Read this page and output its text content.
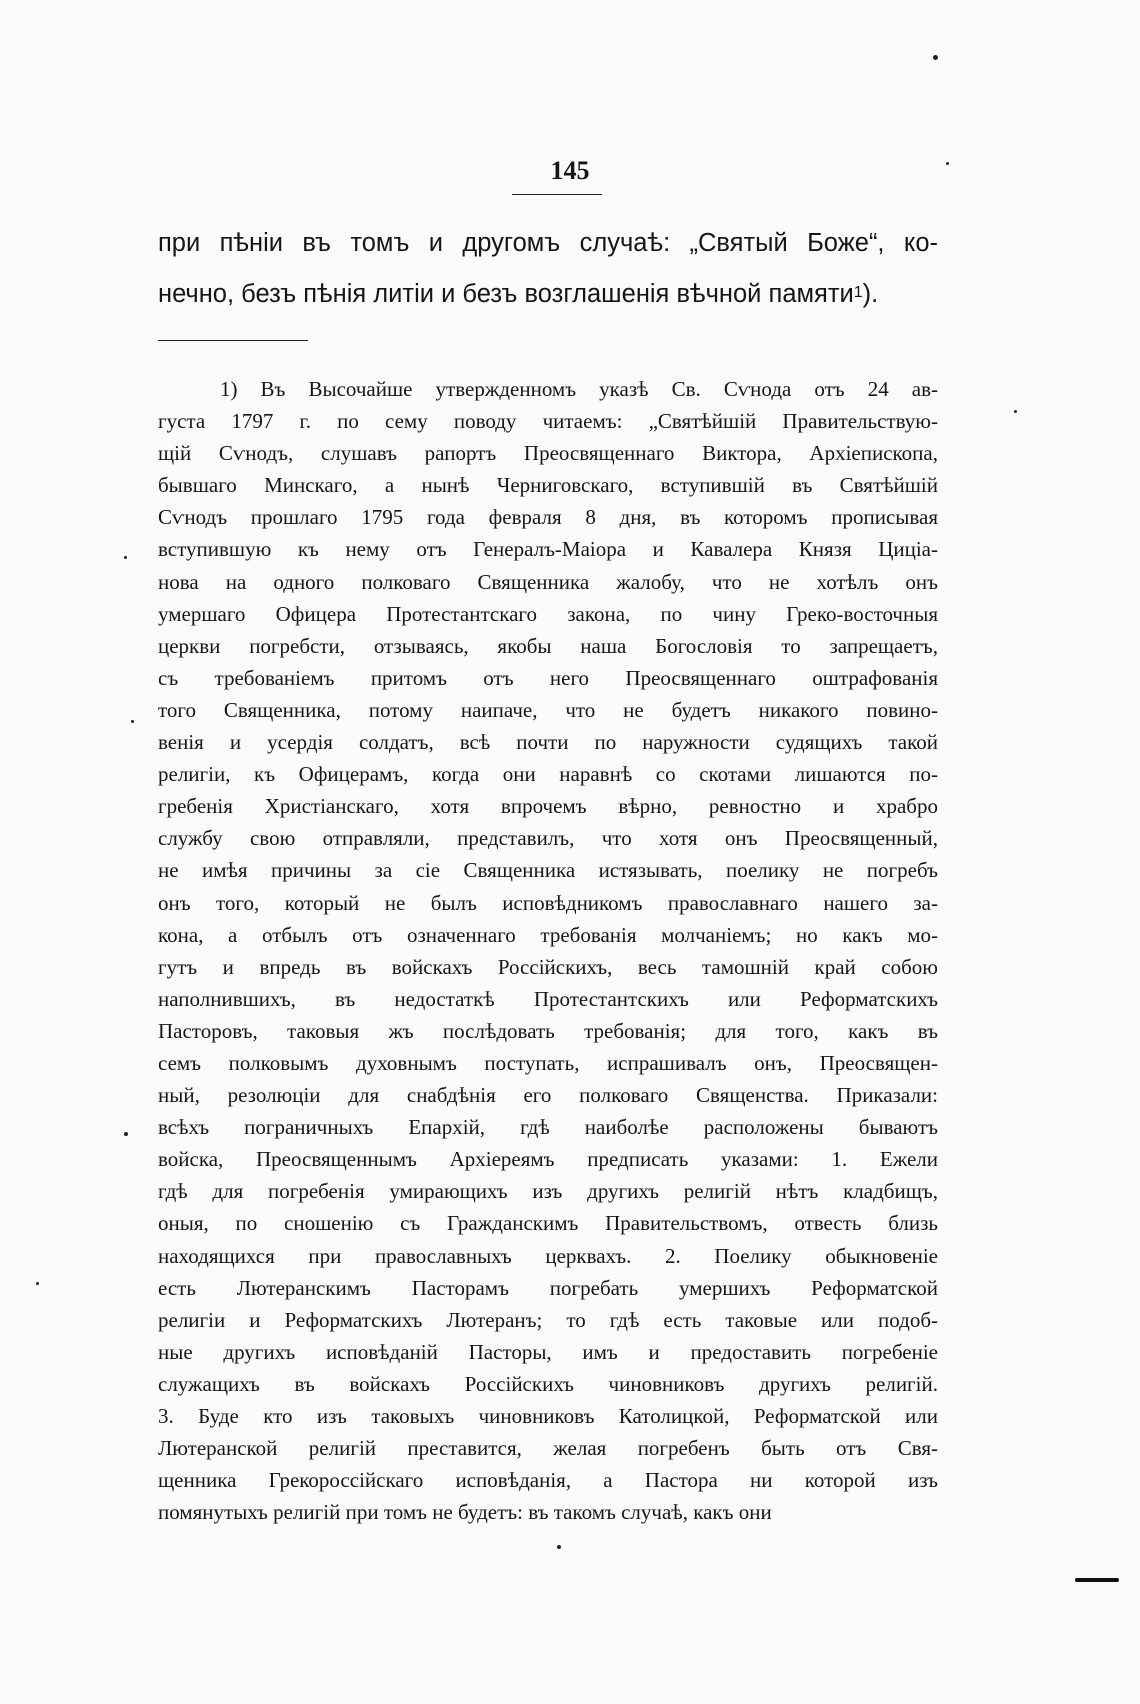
145
при пѣніи въ томъ и другомъ случаѣ: „Святый Боже“, ко-
нечно, безъ пѣнія литіи и безъ возглашенія вѣчной памяти$^1$).
1) Въ Высочайше утвержденномъ указѣ Св. Сѵнода отъ 24 ав-
густа 1797 г. по сему поводу читаемъ: „Святѣйшій Правительствую-
щій Сѵнодъ, слушавъ рапортъ Преосвященнаго Виктора, Архіепископа,
бывшаго Минскаго, а нынѣ Черниговскаго, вступившій въ Святѣйшій
Сѵнодъ прошлаго 1795 года февраля 8 дня, въ которомъ прописывая
вступившую къ нему отъ Генералъ-Маіора и Кавалера Князя Циціа-
нова на одного полковаго Священника жалобу, что не хотѣлъ онъ
умершаго Офицера Протестантскаго закона, по чину Греко-восточныя
церкви погребсти, отзываясь, якобы наша Богословія то запрещаетъ,
съ требованіемъ притомъ отъ него Преосвященнаго оштрафованія
того Священника, потому наипаче, что не будетъ никакого повино-
венія и усердія солдатъ, всѣ почти по наружности судящихъ такой
религіи, къ Офицерамъ, когда они наравнѣ со скотами лишаются по-
гребенія Христіанскаго, хотя впрочемъ вѣрно, ревностно и храбро
службу свою отправляли, представилъ, что хотя онъ Преосвященный,
не имѣя причины за сіе Священника истязывать, поелику не погребъ
онъ того, который не былъ исповѣдникомъ православнаго нашего за-
кона, а отбылъ отъ означеннаго требованія молчаніемъ; но какъ мо-
гутъ и впредь въ войскахъ Россійскихъ, весь тамошній край собою
наполнившихъ, въ недостаткѣ Протестантскихъ или Реформатскихъ
Пасторовъ, таковыя жъ послѣдовать требованія; для того, какъ въ
семъ полковымъ духовнымъ поступать, испрашивалъ онъ, Преосвящен-
ный, резолюціи для снабдѣнія его полковаго Священства. Приказали:
всѣхъ пограничныхъ Епархій, гдѣ наиболѣе расположены бываютъ
войска, Преосвященнымъ Архіереямъ предписать указами: 1. Ежели
гдѣ для погребенія умирающихъ изъ другихъ религій нѣтъ кладбищъ,
оныя, по сношенію съ Гражданскимъ Правительствомъ, отвесть близь
находящихся при православныхъ церквахъ. 2. Поелику обыкновеніе
есть Лютеранскимъ Пасторамъ погребать умершихъ Реформатской
религіи и Реформатскихъ Лютеранъ; то гдѣ есть таковые или подоб-
ные другихъ исповѣданій Пасторы, имъ и предоставить погребеніе
служащихъ въ войскахъ Россійскихъ чиновниковъ другихъ религій.
3. Буде кто изъ таковыхъ чиновниковъ Католицкой, Реформатской или
Лютеранской религій преставится, желая погребенъ быть отъ Свя-
щенника Грекороссійскаго исповѣданія, а Пастора ни которой изъ
помянутыхъ религій при томъ не будетъ: въ такомъ случаѣ, какъ они
